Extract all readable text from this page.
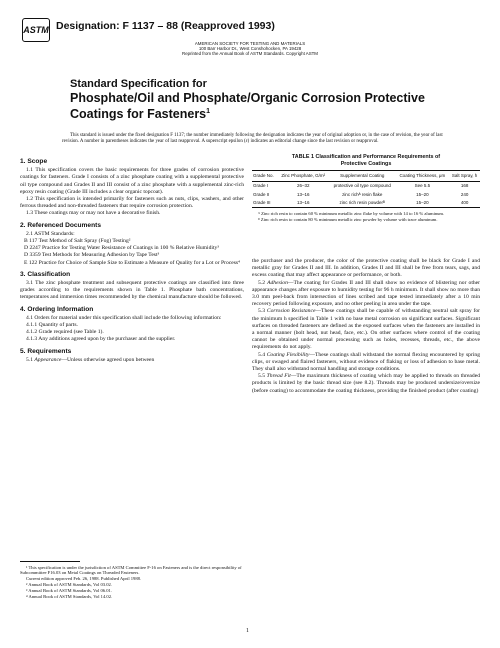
ASTM Designation: F 1137 – 88 (Reapproved 1993)
AMERICAN SOCIETY FOR TESTING AND MATERIALS
100 Barr Harbor Dr., West Conshohocken, PA 19428
Reprinted from the Annual Book of ASTM Standards. Copyright ASTM
Standard Specification for
Phosphate/Oil and Phosphate/Organic Corrosion Protective
Coatings for Fasteners$^1$
This standard is issued under the fixed designation F 1137; the number immediately following the designation indicates the year of original adoption or, in the case of revision, the year of last revision. A number in parentheses indicates the year of last reapproval. A superscript epsilon (ε) indicates an editorial change since the last revision or reapproval.

1. Scope

1.1 This specification covers the basic requirements for three grades of corrosion protective coatings for fasteners. Grade I consists of a zinc phosphate coating with a supplemental protective oil type compound and Grades II and III consist of a zinc phosphate with a supplemental zinc-rich epoxy resin coating (Grade III includes a clear organic topcoat).

1.2 This specification is intended primarily for fasteners such as nuts, clips, washers, and other ferrous threaded and non-threaded fasteners that require corrosion protection.

1.3 These coatings may or may not have a decorative finish.

2. Referenced Documents

2.1 ASTM Standards:

B 117 Test Method of Salt Spray (Fog) Testing²

D 2247 Practice for Testing Water Resistance of Coatings in 100 % Relative Humidity³

D 3359 Test Methods for Measuring Adhesion by Tape Test³

E 122 Practice for Choice of Sample Size to Estimate a Measure of Quality for a Lot or Process⁴

3. Classification

3.1 The zinc phosphate treatment and subsequent protective coatings are classified into three grades according to the requirements shown in Table 1. Phosphate bath concentrations, temperatures and immersion times recommended by the chemical manufacture should be followed.

4. Ordering Information

4.1 Orders for material under this specification shall include the following information:

4.1.1 Quantity of parts.

4.1.2 Grade required (see Table 1).

4.1.3 Any additions agreed upon by the purchaser and the supplier.

5. Requirements

5.1 Appearance—Unless otherwise agreed upon between

¹ This specification is under the jurisdiction of ASTM Committee F-16 on Fasteners and is the direct responsibility of Subcommittee F16.03 on Metal Coatings on Threaded Fasteners.
Current edition approved Feb. 26, 1988. Published April 1988.
² Annual Book of ASTM Standards, Vol 03.02.
³ Annual Book of ASTM Standards, Vol 06.01.
⁴ Annual Book of ASTM Standards, Vol 14.02.
TABLE 1 Classification and Performance Requirements of
Protective Coatings
Grade No.	Zinc Phosphate, G/m²	Supplemental Coating	Coating Thickness, μm	Salt Spray, h
Grade I	26–32	protective oil type compound	See 5.5	168
Grade II	13–16	zinc richᴬ resin flake	15–20	240
Grade III	13–16	zinc rich resin powderᴮ	15–20	400
ᴬ Zinc rich resin to contain 60 % minimum metallic zinc flake by volume with 14 to 16 % aluminum.
ᴮ Zinc rich resin to contain 80 % minimum metallic zinc powder by volume with trace aluminum.

the purchaser and the producer, the color of the protective coating shall be black for Grade I and metallic gray for Grades II and III. In addition, Grades II and III shall be free from tears, sags, and excess coating that may affect appearance or performance, or both.

5.2 Adhesion—The coating for Grades II and III shall show no evidence of blistering nor other appearance changes after exposure to humidity testing for 96 h minimum. It shall show no more than 3.0 mm peel-back from intersection of lines scribed and tape tested immediately after a 10 min recovery period following exposure, and no other peeling in area under the tape.

5.3 Corrosion Resistance—These coatings shall be capable of withstanding neutral salt spray for the minimum h specified in Table 1 with no base metal corrosion on significant surfaces. Significant surfaces on threaded fasteners are defined as the exposed surfaces when the fasteners are installed in a normal manner (bolt head, nut head, face, etc.). On other surfaces where control of the coating cannot be obtained under normal processing such as holes, recesses, threads, etc., the above requirements do not apply.

5.4 Coating Flexibility—These coatings shall withstand the normal flexing encountered by spring clips, or swaged and flaired fasteners, without evidence of flaking or loss of adhesion to base metal. They shall also withstand normal handling and storage conditions.

5.5 Thread Fit—The maximum thickness of coating which may be applied to threads on threaded products is limited by the basic thread size (see 8.2). Threads may be produced undersize/oversize (before coating) to accommodate the coating thickness, providing the finished product (after coating)

1
